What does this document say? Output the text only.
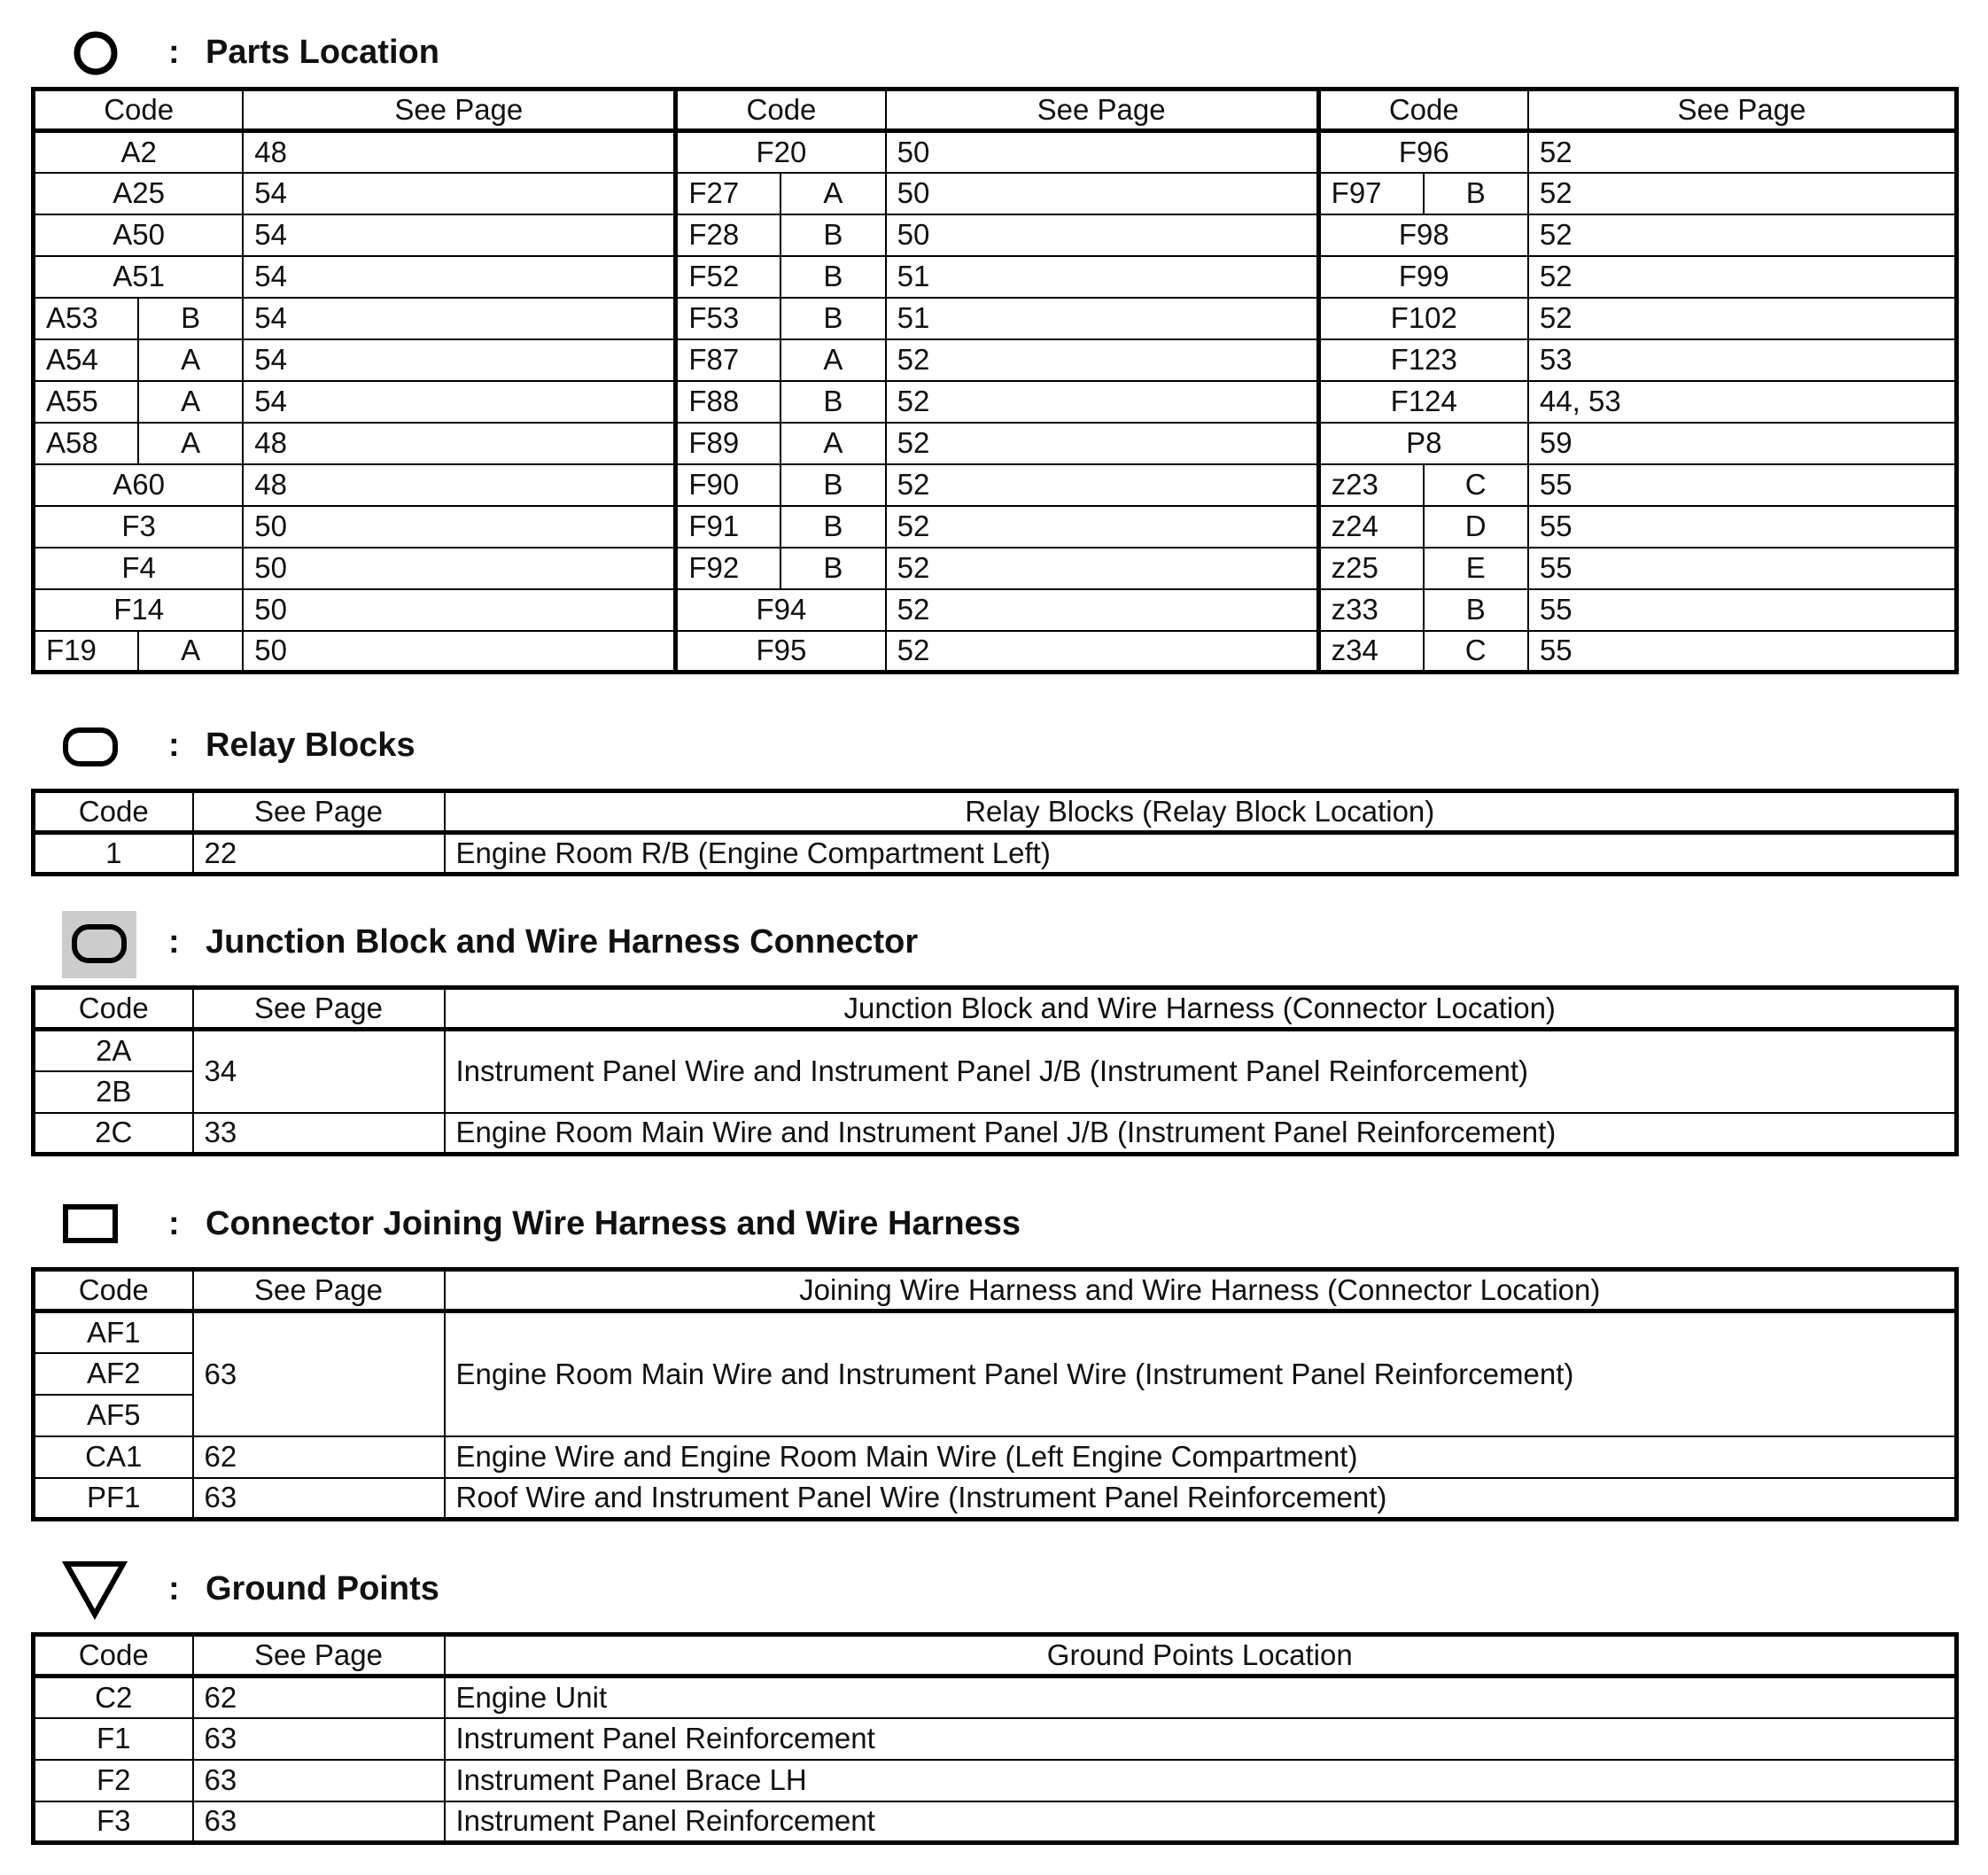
: Parts Location
Code		See Page	Code		See Page	Code		See Page
A2		48	F20		50	F96		52
A25		54	F27	A	50	F97	B	52
A50		54	F28	B	50	F98		52
A51		54	F52	B	51	F99		52
A53	B	54	F53	B	51	F102		52
A54	A	54	F87	A	52	F123		53
A55	A	54	F88	B	52	F124		44, 53
A58	A	48	F89	A	52	P8		59
A60		48	F90	B	52	z23	C	55
F3		50	F91	B	52	z24	D	55
F4		50	F92	B	52	z25	E	55
F14		50	F94		52	z33	B	55
F19	A	50	F95		52	z34	C	55
: Relay Blocks
Code	See Page	Relay Blocks (Relay Block Location)
1	22	Engine Room R/B (Engine Compartment Left)
: Junction Block and Wire Harness Connector
Code	See Page	Junction Block and Wire Harness (Connector Location)
2A	34	Instrument Panel Wire and Instrument Panel J/B (Instrument Panel Reinforcement)
2B		
2C	33	Engine Room Main Wire and Instrument Panel J/B (Instrument Panel Reinforcement)
: Connector Joining Wire Harness and Wire Harness
Code	See Page	Joining Wire Harness and Wire Harness (Connector Location)
AF1	63	Engine Room Main Wire and Instrument Panel Wire (Instrument Panel Reinforcement)
AF2		
AF5		
CA1	62	Engine Wire and Engine Room Main Wire (Left Engine Compartment)
PF1	63	Roof Wire and Instrument Panel Wire (Instrument Panel Reinforcement)
: Ground Points
Code	See Page	Ground Points Location
C2	62	Engine Unit
F1	63	Instrument Panel Reinforcement
F2	63	Instrument Panel Brace LH
F3	63	Instrument Panel Reinforcement
